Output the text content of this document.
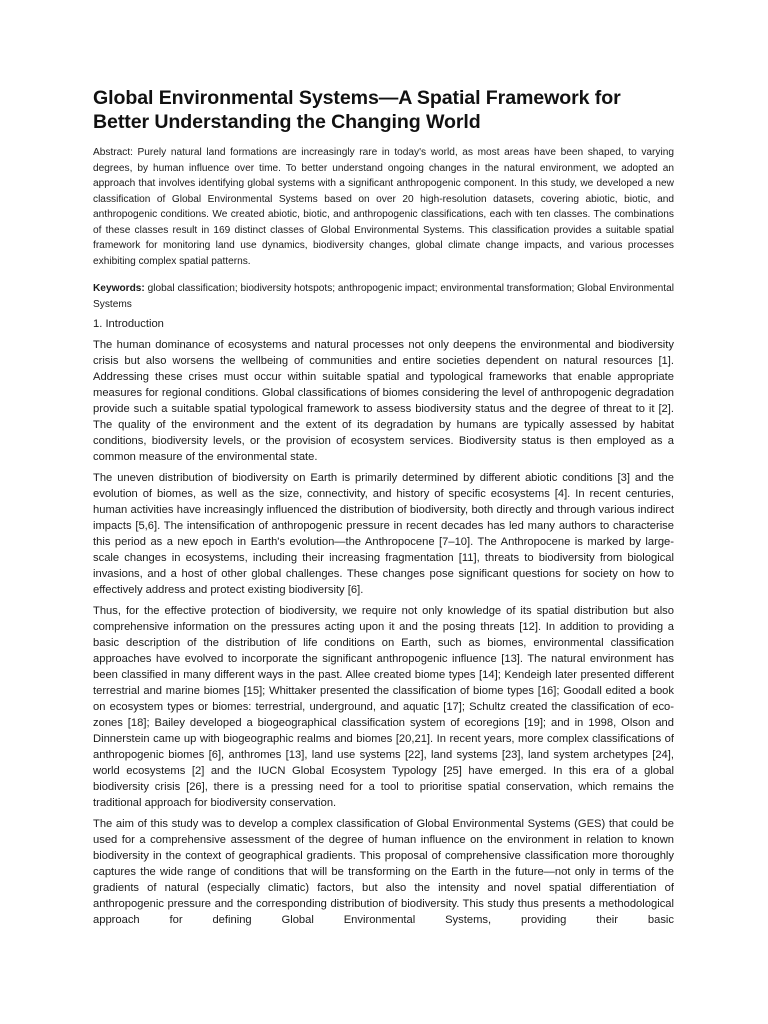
Global Environmental Systems—A Spatial Framework for Better Understanding the Changing World

Abstract: Purely natural land formations are increasingly rare in today's world, as most areas have been shaped, to varying degrees, by human influence over time. To better understand ongoing changes in the natural environment, we adopted an approach that involves identifying global systems with a significant anthropogenic component. In this study, we developed a new classification of Global Environmental Systems based on over 20 high-resolution datasets, covering abiotic, biotic, and anthropogenic conditions. We created abiotic, biotic, and anthropogenic classifications, each with ten classes. The combinations of these classes result in 169 distinct classes of Global Environmental Systems. This classification provides a suitable spatial framework for monitoring land use dynamics, biodiversity changes, global climate change impacts, and various processes exhibiting complex spatial patterns.

Keywords: global classification; biodiversity hotspots; anthropogenic impact; environmental transformation; Global Environmental Systems

1. Introduction

The human dominance of ecosystems and natural processes not only deepens the environmental and biodiversity crisis but also worsens the wellbeing of communities and entire societies dependent on natural resources [1]. Addressing these crises must occur within suitable spatial and typological frameworks that enable appropriate measures for regional conditions. Global classifications of biomes considering the level of anthropogenic degradation provide such a suitable spatial typological framework to assess biodiversity status and the degree of threat to it [2]. The quality of the environment and the extent of its degradation by humans are typically assessed by habitat conditions, biodiversity levels, or the provision of ecosystem services. Biodiversity status is then employed as a common measure of the environmental state.

The uneven distribution of biodiversity on Earth is primarily determined by different abiotic conditions [3] and the evolution of biomes, as well as the size, connectivity, and history of specific ecosystems [4]. In recent centuries, human activities have increasingly influenced the distribution of biodiversity, both directly and through various indirect impacts [5,6]. The intensification of anthropogenic pressure in recent decades has led many authors to characterise this period as a new epoch in Earth's evolution—the Anthropocene [7–10]. The Anthropocene is marked by large-scale changes in ecosystems, including their increasing fragmentation [11], threats to biodiversity from biological invasions, and a host of other global challenges. These changes pose significant questions for society on how to effectively address and protect existing biodiversity [6].

Thus, for the effective protection of biodiversity, we require not only knowledge of its spatial distribution but also comprehensive information on the pressures acting upon it and the posing threats [12]. In addition to providing a basic description of the distribution of life conditions on Earth, such as biomes, environmental classification approaches have evolved to incorporate the significant anthropogenic influence [13]. The natural environment has been classified in many different ways in the past. Allee created biome types [14]; Kendeigh later presented different terrestrial and marine biomes [15]; Whittaker presented the classification of biome types [16]; Goodall edited a book on ecosystem types or biomes: terrestrial, underground, and aquatic [17]; Schultz created the classification of eco-zones [18]; Bailey developed a biogeographical classification system of ecoregions [19]; and in 1998, Olson and Dinnerstein came up with biogeographic realms and biomes [20,21]. In recent years, more complex classifications of anthropogenic biomes [6], anthromes [13], land use systems [22], land systems [23], land system archetypes [24], world ecosystems [2] and the IUCN Global Ecosystem Typology [25] have emerged. In this era of a global biodiversity crisis [26], there is a pressing need for a tool to prioritise spatial conservation, which remains the traditional approach for biodiversity conservation.

The aim of this study was to develop a complex classification of Global Environmental Systems (GES) that could be used for a comprehensive assessment of the degree of human influence on the environment in relation to known biodiversity in the context of geographical gradients. This proposal of comprehensive classification more thoroughly captures the wide range of conditions that will be transforming on the Earth in the future—not only in terms of the gradients of natural (especially climatic) factors, but also the intensity and novel spatial differentiation of anthropogenic pressure and the corresponding distribution of biodiversity. This study thus presents a methodological approach for defining Global Environmental Systems, providing their basic
